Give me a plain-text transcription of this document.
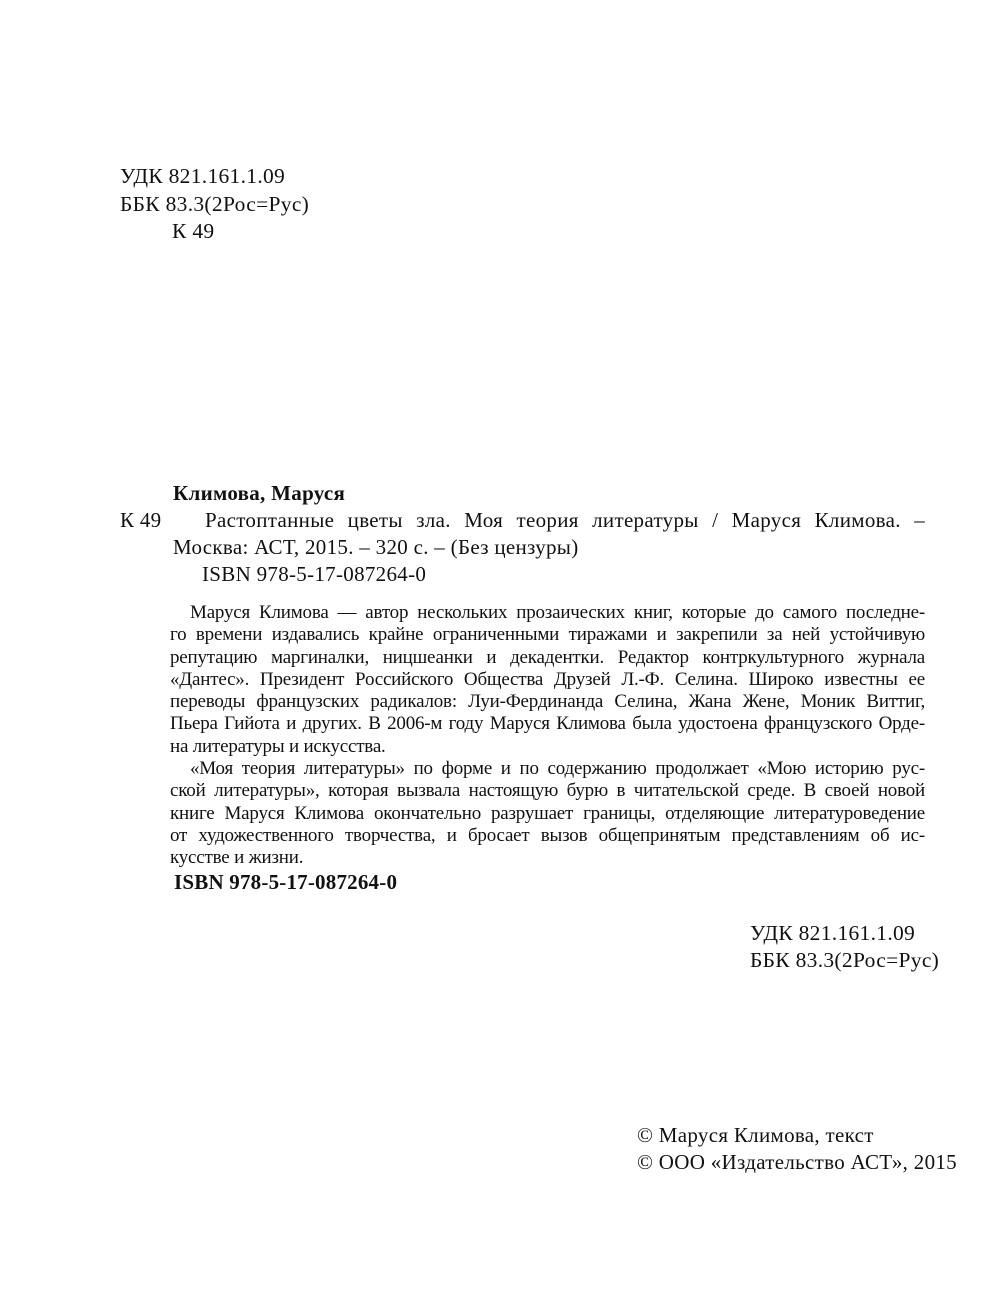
УДК 821.161.1.09
ББК 83.3(2Рос=Рус)
К 49
Климова, Маруся
К 49 Растоптанные цветы зла. Моя теория литературы / Маруся Климова. –
Москва: АСТ, 2015. – 320 с. – (Без цензуры)
ISBN 978-5-17-087264-0
Маруся Климова — автор нескольких прозаических книг, которые до самого последне-
го времени издавались крайне ограниченными тиражами и закрепили за ней устойчивую
репутацию маргиналки, ницшеанки и декадентки. Редактор контркультурного журнала
«Дантес». Президент Российского Общества Друзей Л.-Ф. Селина. Широко известны ее
переводы французских радикалов: Луи-Фердинанда Селина, Жана Жене, Моник Виттиг,
Пьера Гийота и других. В 2006-м году Маруся Климова была удостоена французского Орде-
на литературы и искусства.
«Моя теория литературы» по форме и по содержанию продолжает «Мою историю рус-
ской литературы», которая вызвала настоящую бурю в читательской среде. В своей новой
книге Маруся Климова окончательно разрушает границы, отделяющие литературоведение
от художественного творчества, и бросает вызов общепринятым представлениям об ис-
кусстве и жизни.
ISBN 978-5-17-087264-0
УДК 821.161.1.09
ББК 83.3(2Рос=Рус)
© Маруся Климова, текст
© ООО «Издательство АСТ», 2015
